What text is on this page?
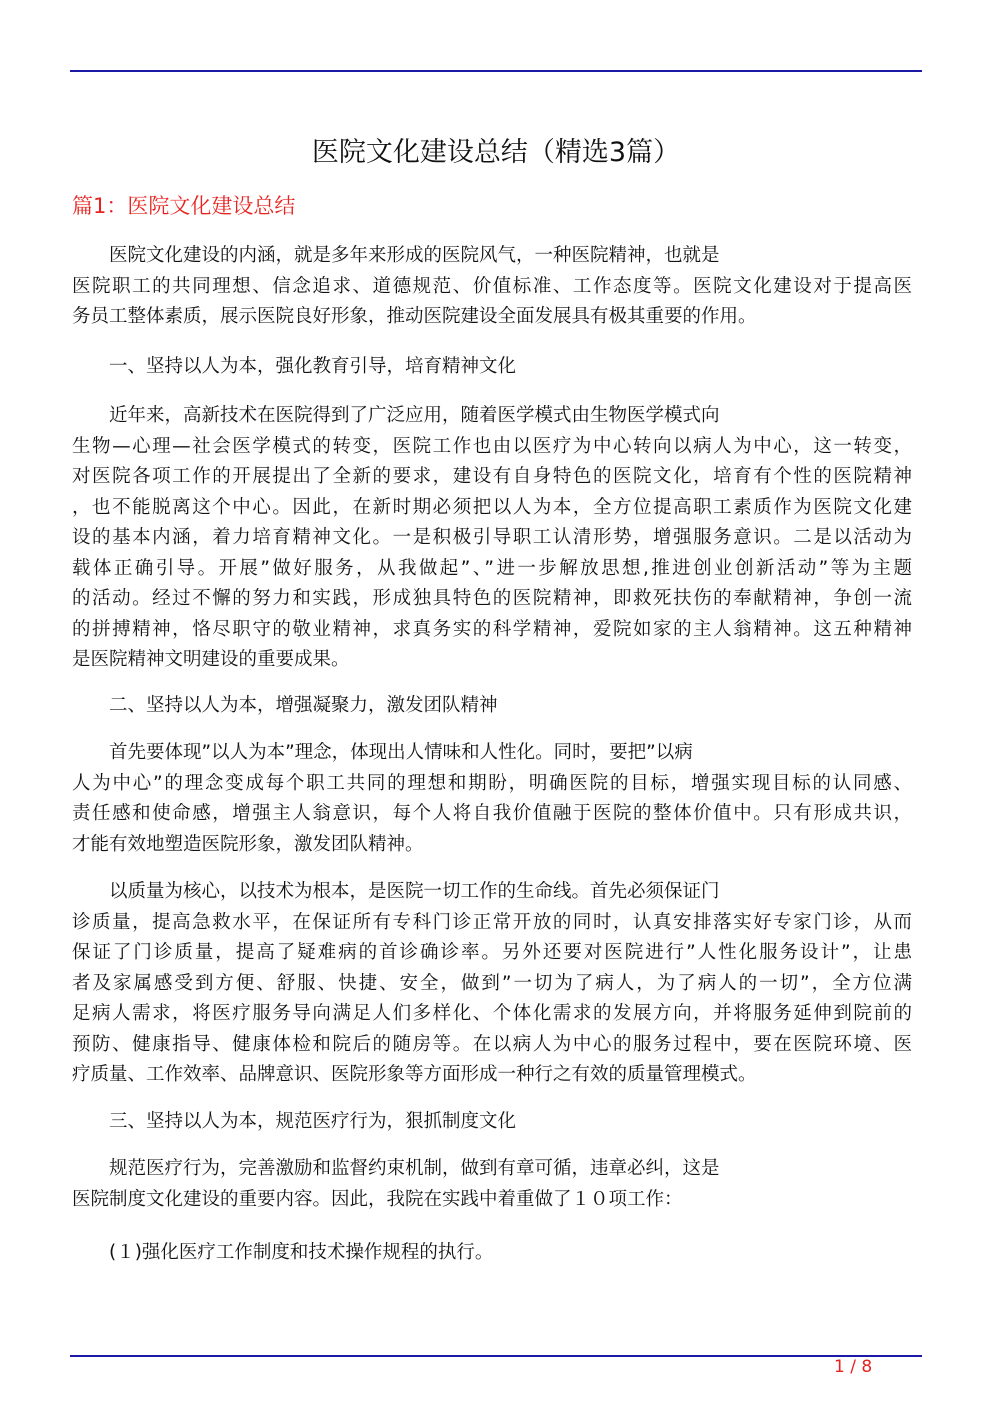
医院文化建设总结（精选3篇）
篇1：医院文化建设总结
医院文化建设的内涵，就是多年来形成的医院风气，一种医院精神，也就是
医院职工的共同理想、信念追求、道德规范、价值标准、工作态度等。医院文化建设对于提高医
务员工整体素质，展示医院良好形象，推动医院建设全面发展具有极其重要的作用。
一、坚持以人为本，强化教育引导，培育精神文化
近年来，高新技术在医院得到了广泛应用，随着医学模式由生物医学模式向
生物—心理—社会医学模式的转变，医院工作也由以医疗为中心转向以病人为中心，这一转变，
对医院各项工作的开展提出了全新的要求，建设有自身特色的医院文化，培育有个性的医院精神
，也不能脱离这个中心。因此，在新时期必须把以人为本，全方位提高职工素质作为医院文化建
设的基本内涵，着力培育精神文化。一是积极引导职工认清形势，增强服务意识。二是以活动为
载体正确引导。开展”做好服务，从我做起”、”进一步解放思想,推进创业创新活动”等为主题
的活动。经过不懈的努力和实践，形成独具特色的医院精神，即救死扶伤的奉献精神，争创一流
的拼搏精神，恪尽职守的敬业精神，求真务实的科学精神，爱院如家的主人翁精神。这五种精神
是医院精神文明建设的重要成果。
二、坚持以人为本，增强凝聚力，激发团队精神
首先要体现”以人为本”理念，体现出人情味和人性化。同时，要把”以病
人为中心”的理念变成每个职工共同的理想和期盼，明确医院的目标，增强实现目标的认同感、
责任感和使命感，增强主人翁意识，每个人将自我价值融于医院的整体价值中。只有形成共识，
才能有效地塑造医院形象，激发团队精神。
以质量为核心，以技术为根本，是医院一切工作的生命线。首先必须保证门
诊质量，提高急救水平，在保证所有专科门诊正常开放的同时，认真安排落实好专家门诊，从而
保证了门诊质量，提高了疑难病的首诊确诊率。另外还要对医院进行”人性化服务设计”，让患
者及家属感受到方便、舒服、快捷、安全，做到”一切为了病人，为了病人的一切”，全方位满
足病人需求，将医疗服务导向满足人们多样化、个体化需求的发展方向，并将服务延伸到院前的
预防、健康指导、健康体检和院后的随房等。在以病人为中心的服务过程中，要在医院环境、医
疗质量、工作效率、品牌意识、医院形象等方面形成一种行之有效的质量管理模式。
三、坚持以人为本，规范医疗行为，狠抓制度文化
规范医疗行为，完善激励和监督约束机制，做到有章可循，违章必纠，这是
医院制度文化建设的重要内容。因此，我院在实践中着重做了１０项工作：
(１)强化医疗工作制度和技术操作规程的执行。
1 / 8
